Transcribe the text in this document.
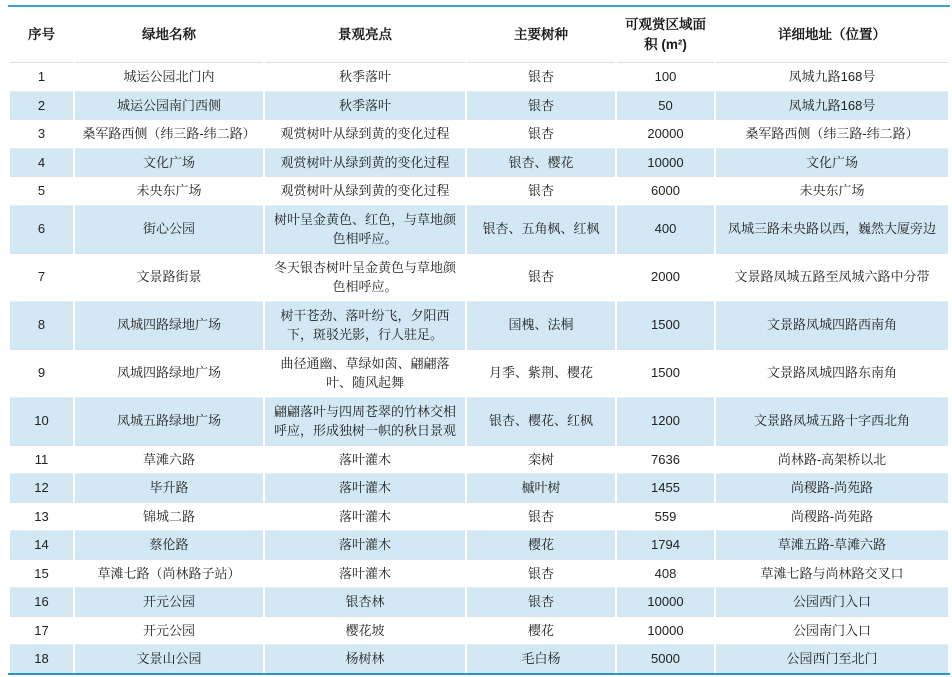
序号	绿地名称	景观亮点	主要树种	可观赏区域面积 (m²)	详细地址（位置）
1	城运公园北门内	秋季落叶	银杏	100	凤城九路168号
2	城运公园南门西侧	秋季落叶	银杏	50	凤城九路168号
3	桑军路西侧（纬三路-纬二路）	观赏树叶从绿到黄的变化过程	银杏	20000	桑军路西侧（纬三路-纬二路）
4	文化广场	观赏树叶从绿到黄的变化过程	银杏、樱花	10000	文化广场
5	未央东广场	观赏树叶从绿到黄的变化过程	银杏	6000	未央东广场
6	街心公园	树叶呈金黄色、红色，与草地颜色相呼应。	银杏、五角枫、红枫	400	凤城三路未央路以西，巍然大厦旁边
7	文景路街景	冬天银杏树叶呈金黄色与草地颜色相呼应。	银杏	2000	文景路凤城五路至凤城六路中分带
8	凤城四路绿地广场	树干苍劲、落叶纷飞，夕阳西下，斑驳光影，行人驻足。	国槐、法桐	1500	文景路凤城四路西南角
9	凤城四路绿地广场	曲径通幽、草绿如茵、翩翩落叶、随风起舞	月季、紫荆、樱花	1500	文景路凤城四路东南角
10	凤城五路绿地广场	翩翩落叶与四周苍翠的竹林交相呼应，形成独树一帜的秋日景观	银杏、樱花、红枫	1200	文景路凤城五路十字西北角
11	草滩六路	落叶灌木	栾树	7636	尚林路-高架桥以北
12	毕升路	落叶灌木	槭叶树	1455	尚稷路-尚苑路
13	锦城二路	落叶灌木	银杏	559	尚稷路-尚苑路
14	蔡伦路	落叶灌木	樱花	1794	草滩五路-草滩六路
15	草滩七路（尚林路子站）	落叶灌木	银杏	408	草滩七路与尚林路交叉口
16	开元公园	银杏林	银杏	10000	公园西门入口
17	开元公园	樱花坡	樱花	10000	公园南门入口
18	文景山公园	杨树林	毛白杨	5000	公园西门至北门
